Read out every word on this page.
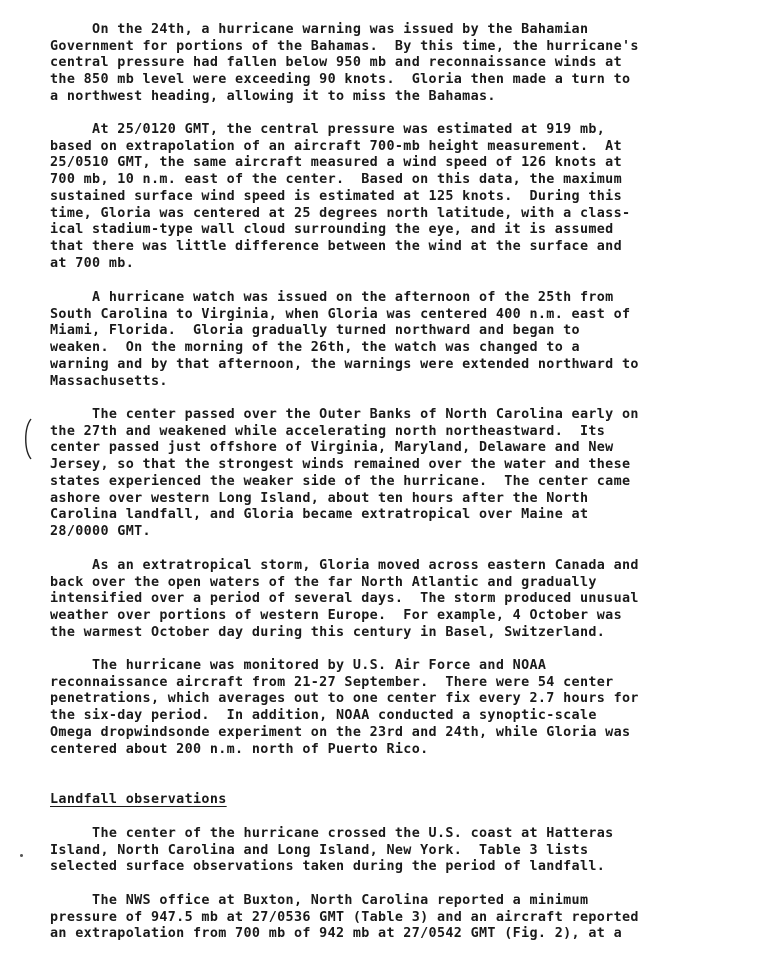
On the 24th, a hurricane warning was issued by the Bahamian
Government for portions of the Bahamas.  By this time, the hurricane's
central pressure had fallen below 950 mb and reconnaissance winds at
the 850 mb level were exceeding 90 knots.  Gloria then made a turn to
a northwest heading, allowing it to miss the Bahamas.
At 25/0120 GMT, the central pressure was estimated at 919 mb,
based on extrapolation of an aircraft 700-mb height measurement.  At
25/0510 GMT, the same aircraft measured a wind speed of 126 knots at
700 mb, 10 n.m. east of the center.  Based on this data, the maximum
sustained surface wind speed is estimated at 125 knots.  During this
time, Gloria was centered at 25 degrees north latitude, with a class-
ical stadium-type wall cloud surrounding the eye, and it is assumed
that there was little difference between the wind at the surface and
at 700 mb.
A hurricane watch was issued on the afternoon of the 25th from
South Carolina to Virginia, when Gloria was centered 400 n.m. east of
Miami, Florida.  Gloria gradually turned northward and began to
weaken.  On the morning of the 26th, the watch was changed to a
warning and by that afternoon, the warnings were extended northward to
Massachusetts.
The center passed over the Outer Banks of North Carolina early on
the 27th and weakened while accelerating north northeastward.  Its
center passed just offshore of Virginia, Maryland, Delaware and New
Jersey, so that the strongest winds remained over the water and these
states experienced the weaker side of the hurricane.  The center came
ashore over western Long Island, about ten hours after the North
Carolina landfall, and Gloria became extratropical over Maine at
28/0000 GMT.
As an extratropical storm, Gloria moved across eastern Canada and
back over the open waters of the far North Atlantic and gradually
intensified over a period of several days.  The storm produced unusual
weather over portions of western Europe.  For example, 4 October was
the warmest October day during this century in Basel, Switzerland.
The hurricane was monitored by U.S. Air Force and NOAA
reconnaissance aircraft from 21-27 September.  There were 54 center
penetrations, which averages out to one center fix every 2.7 hours for
the six-day period.  In addition, NOAA conducted a synoptic-scale
Omega dropwindsonde experiment on the 23rd and 24th, while Gloria was
centered about 200 n.m. north of Puerto Rico.
Landfall observations
The center of the hurricane crossed the U.S. coast at Hatteras
Island, North Carolina and Long Island, New York.  Table 3 lists
selected surface observations taken during the period of landfall.
The NWS office at Buxton, North Carolina reported a minimum
pressure of 947.5 mb at 27/0536 GMT (Table 3) and an aircraft reported
an extrapolation from 700 mb of 942 mb at 27/0542 GMT (Fig. 2), at a
